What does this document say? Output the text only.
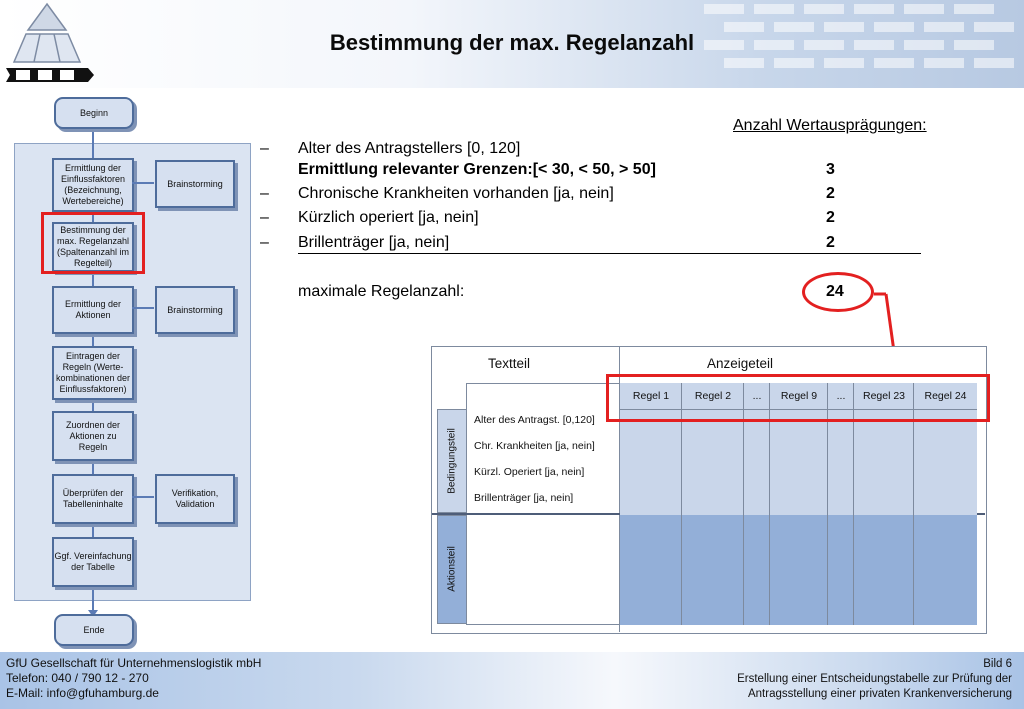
Bestimmung der max. Regelanzahl
Beginn
Ermittlung der Einflussfaktoren (Bezeichnung, Wertebereiche)
Bestimmung der max. Regelanzahl (Spaltenanzahl im Regelteil)
Ermittlung der Aktionen
Eintragen der Regeln (Werte-kombinationen der Einflussfaktoren)
Zuordnen der Aktionen zu Regeln
Überprüfen der Tabelleninhalte
Ggf. Vereinfachung der Tabelle
Ende
Brainstorming
Brainstorming
Verifikation, Validation
Anzahl Wertausprägungen:
– Alter des Antragstellers [0, 120]
Ermittlung relevanter Grenzen:[< 30, < 50, > 50]	3
– Chronische Krankheiten vorhanden [ja, nein]	2
– Kürzlich operiert [ja, nein]	2
– Brillenträger [ja, nein]	2
maximale Regelanzahl:	24
Textteil	Anzeigeteil
Bedingungsteil
Aktionsteil
Alter des Antragst. [0,120]
Chr. Krankheiten [ja, nein]
Kürzl. Operiert [ja, nein]
Brillenträger [ja, nein]
Regel 1	Regel 2	...	Regel 9	...	Regel 23	Regel 24
GfU Gesellschaft für Unternehmenslogistik mbH
Telefon: 040 / 790 12 - 270
E-Mail: info@gfuhamburg.de
Bild 6
Erstellung einer Entscheidungstabelle zur Prüfung der
Antragsstellung einer privaten Krankenversicherung
